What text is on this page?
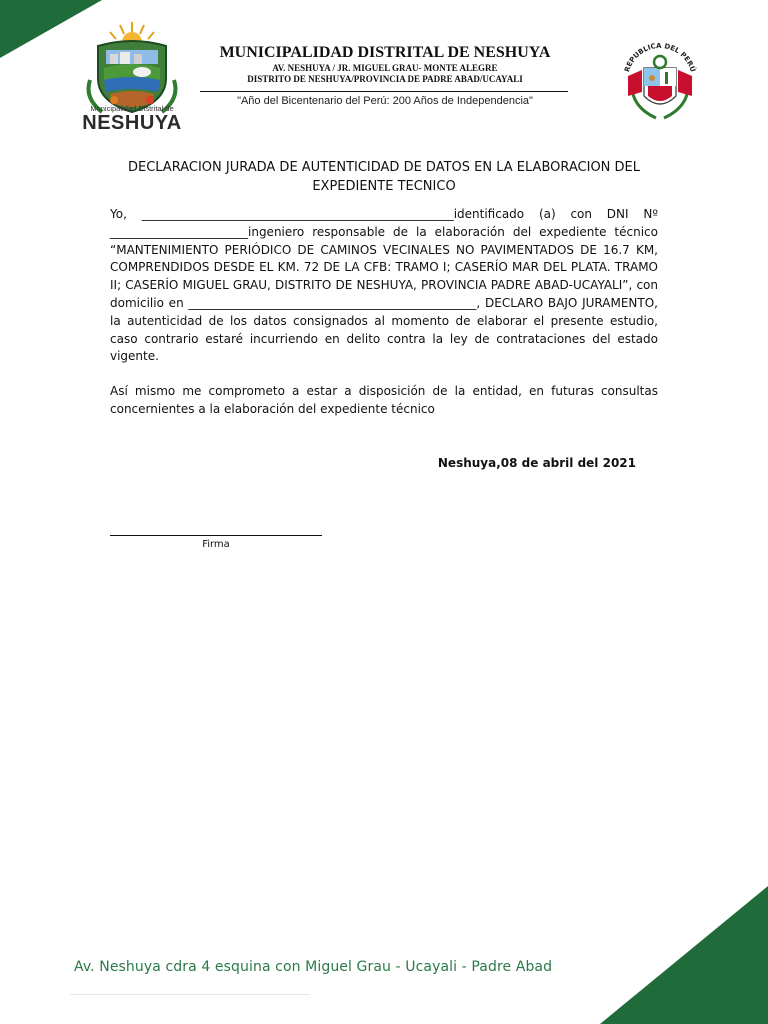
Municipalidad Distrital de
NESHUYA
MUNICIPALIDAD DISTRITAL DE NESHUYA
AV. NESHUYA / JR. MIGUEL GRAU- MONTE ALEGRE
DISTRITO DE NESHUYA/PROVINCIA DE PADRE ABAD/UCAYALI
"Año del Bicentenario del Perú: 200 Años de Independencia"
REPUBLICA DEL PERÚ
DECLARACION JURADA DE AUTENTICIDAD DE DATOS EN LA ELABORACION DEL
EXPEDIENTE TECNICO
Yo, ____________________________________________________identificado (a) con DNI Nº _______________________ingeniero responsable de la elaboración del expediente técnico “MANTENIMIENTO PERIÓDICO DE CAMINOS VECINALES NO PAVIMENTADOS DE 16.7 KM, COMPRENDIDOS DESDE EL KM. 72 DE LA CFB: TRAMO I; CASERÍO MAR DEL PLATA. TRAMO II; CASERÍO MIGUEL GRAU, DISTRITO DE NESHUYA, PROVINCIA PADRE ABAD-UCAYALI”, con domicilio en ________________________________________________, DECLARO BAJO JURAMENTO, la autenticidad de los datos consignados al momento de elaborar el presente estudio, caso contrario estaré incurriendo en delito contra la ley de contrataciones del estado vigente.
Así mismo me comprometo a estar a disposición de la entidad, en futuras consultas concernientes a la elaboración del expediente técnico
Neshuya,08 de abril del 2021
Firma
Av. Neshuya cdra 4 esquina con Miguel Grau - Ucayali - Padre Abad
